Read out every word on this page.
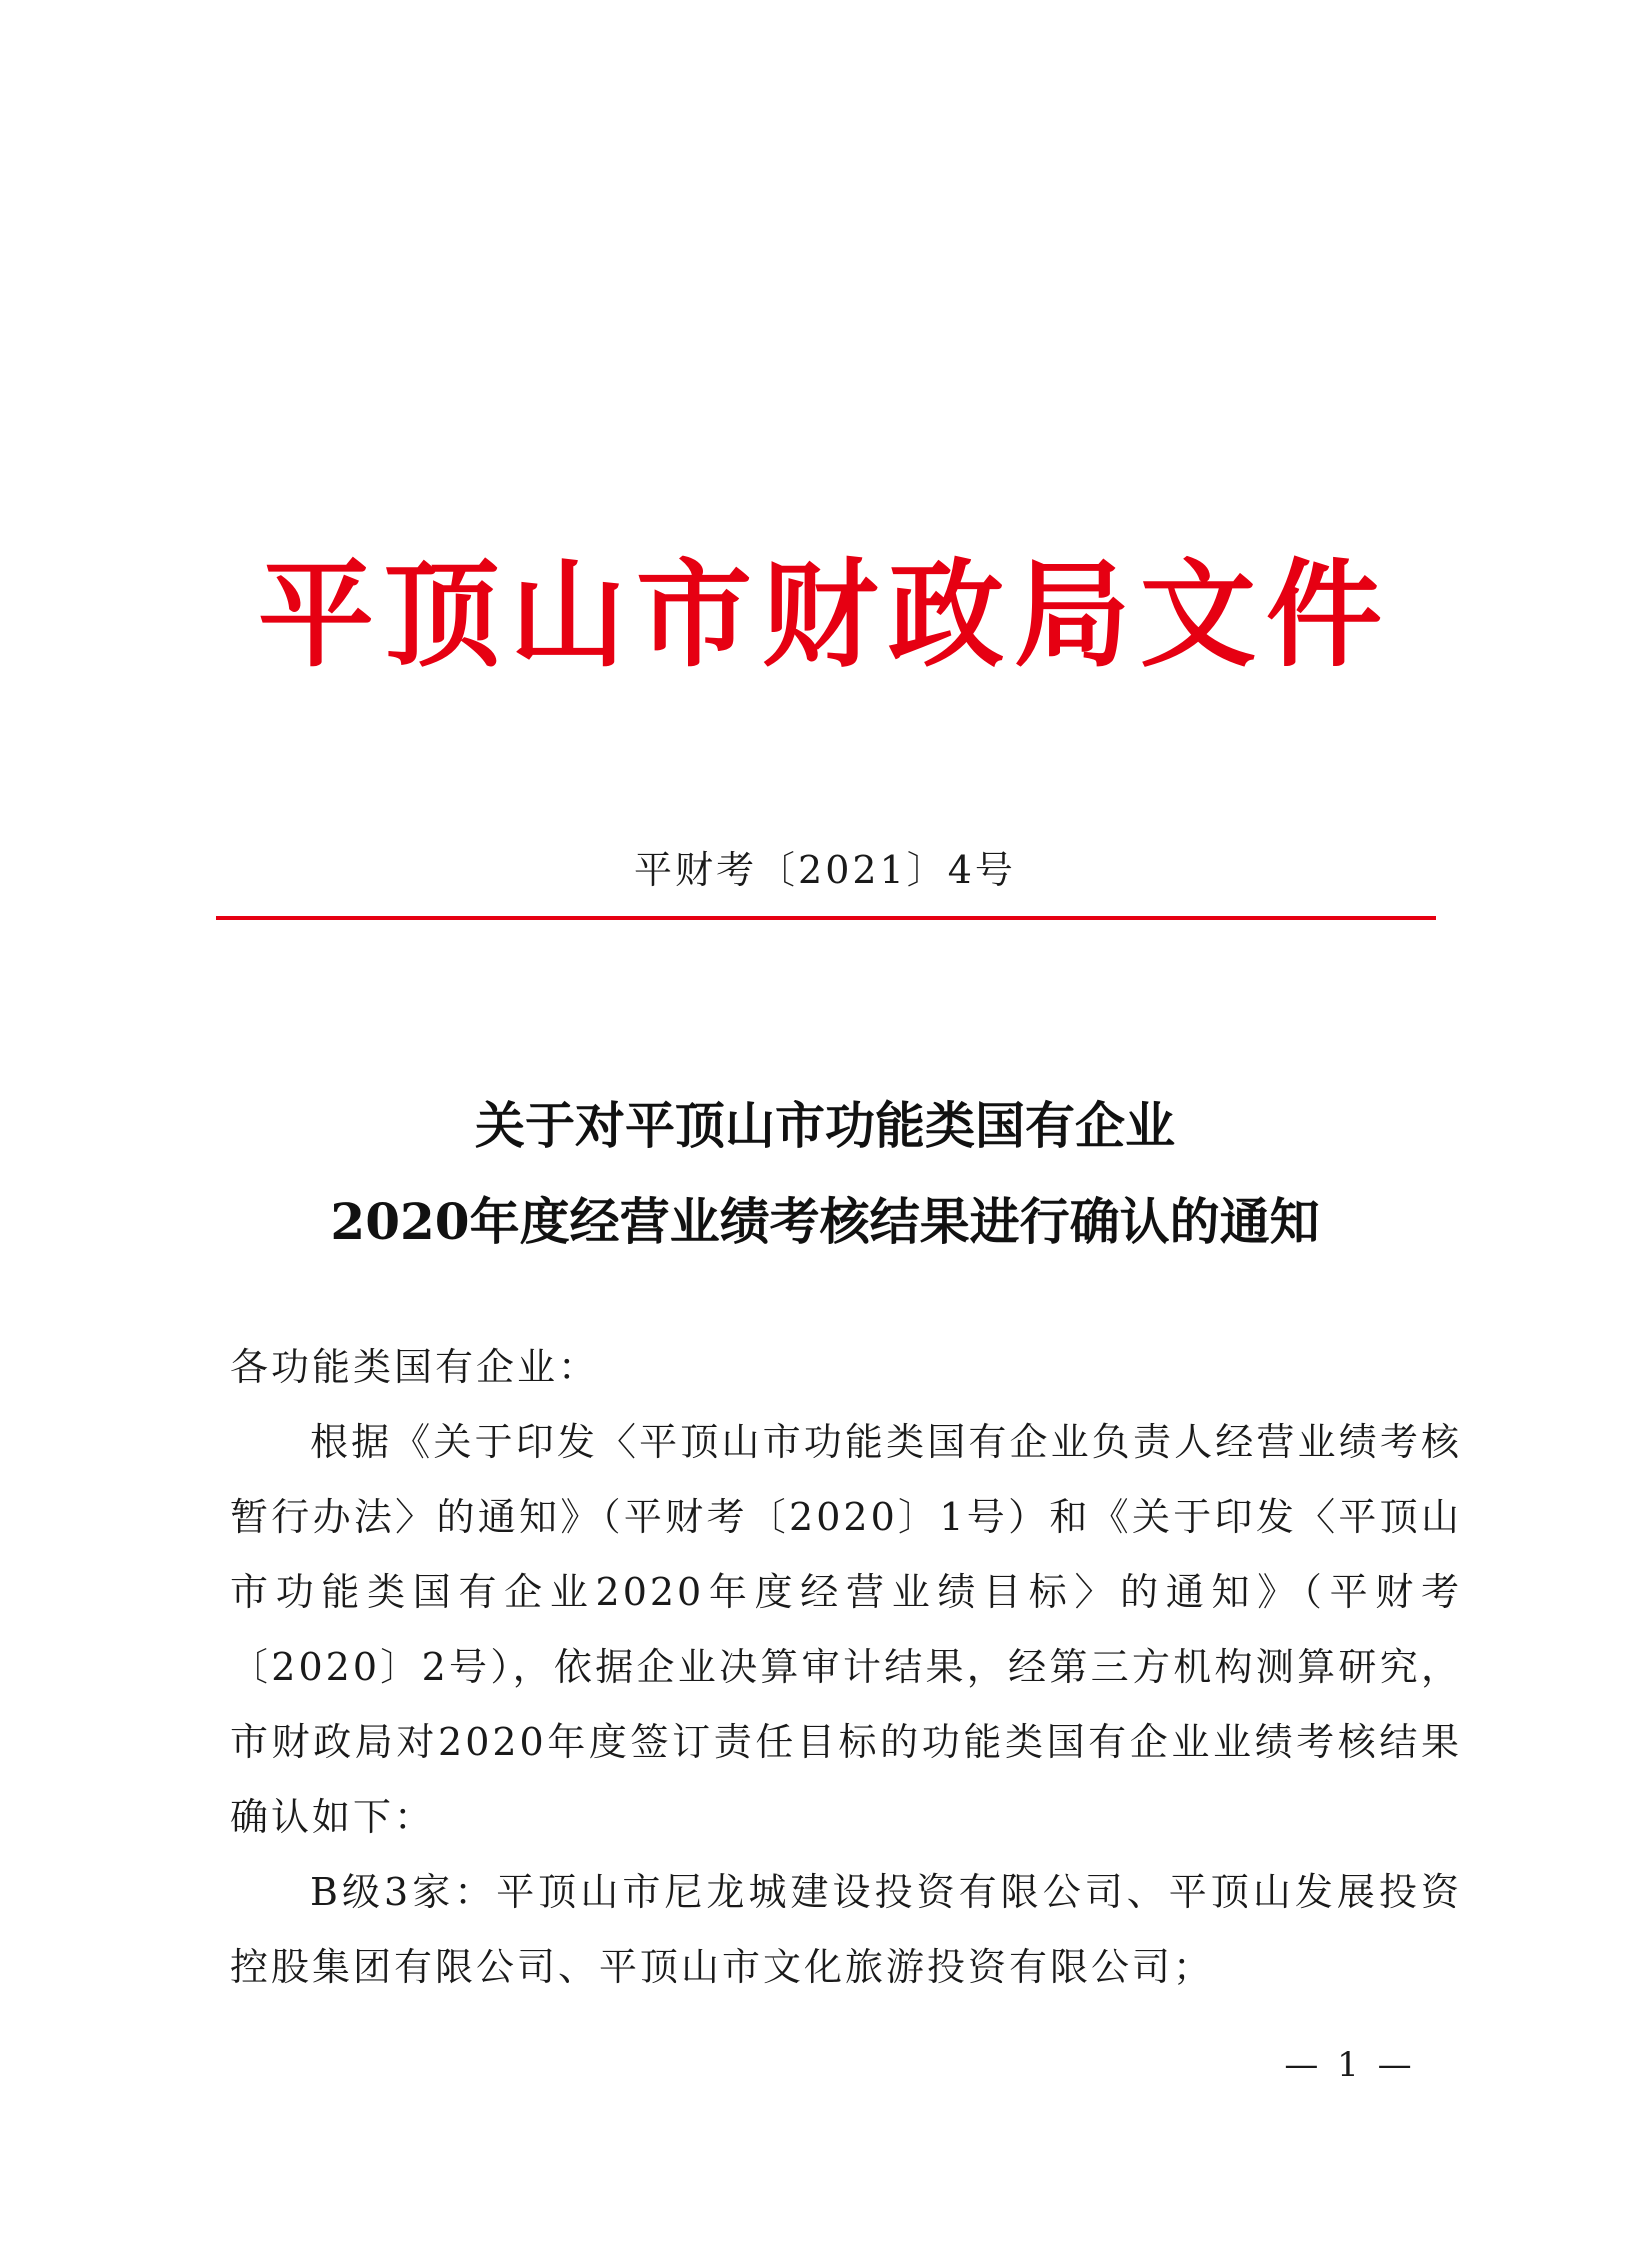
平顶山市财政局文件
平财考〔2021〕4号
关于对平顶山市功能类国有企业
2020年度经营业绩考核结果进行确认的通知

各功能类国有企业：

根据《关于印发〈平顶山市功能类国有企业负责人经营业绩考核暂行办法〉的通知》（平财考〔2020〕1号）和《关于印发〈平顶山市功能类国有企业2020年度经营业绩目标〉的通知》（平财考〔2020〕2号），依据企业决算审计结果，经第三方机构测算研究，市财政局对2020年度签订责任目标的功能类国有企业业绩考核结果确认如下：

B级3家：平顶山市尼龙城建设投资有限公司、平顶山发展投资控股集团有限公司、平顶山市文化旅游投资有限公司；

— 1 —
